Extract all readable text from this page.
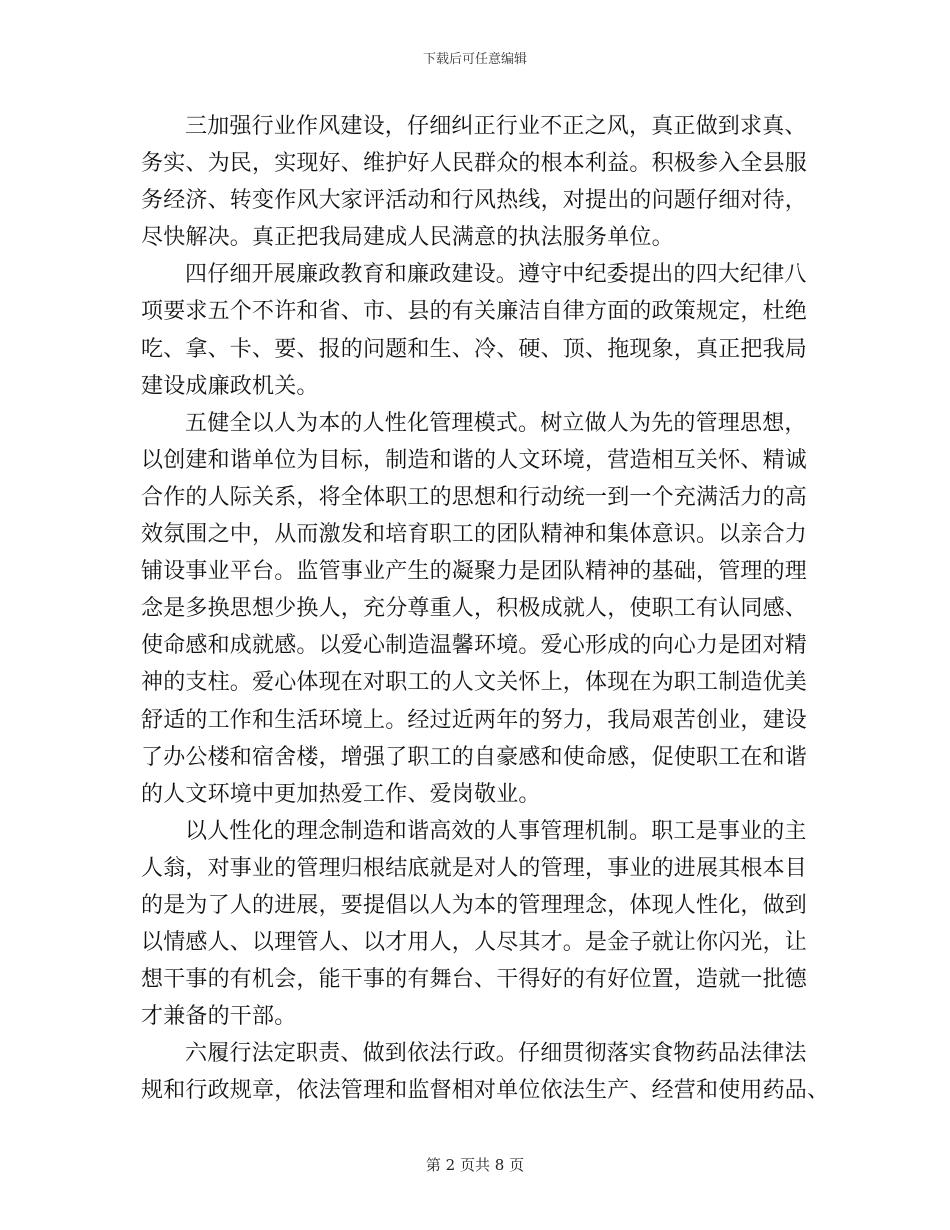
下载后可任意编辑

三加强行业作风建设，仔细纠正行业不正之风，真正做到求真、
务实、为民，实现好、维护好人民群众的根本利益。积极参入全县服
务经济、转变作风大家评活动和行风热线，对提出的问题仔细对待，
尽快解决。真正把我局建成人民满意的执法服务单位。

四仔细开展廉政教育和廉政建设。遵守中纪委提出的四大纪律八
项要求五个不许和省、市、县的有关廉洁自律方面的政策规定，杜绝
吃、拿、卡、要、报的问题和生、冷、硬、顶、拖现象，真正把我局
建设成廉政机关。

五健全以人为本的人性化管理模式。树立做人为先的管理思想，
以创建和谐单位为目标，制造和谐的人文环境，营造相互关怀、精诚
合作的人际关系，将全体职工的思想和行动统一到一个充满活力的高
效氛围之中，从而激发和培育职工的团队精神和集体意识。以亲合力
铺设事业平台。监管事业产生的凝聚力是团队精神的基础，管理的理
念是多换思想少换人，充分尊重人，积极成就人，使职工有认同感、
使命感和成就感。以爱心制造温馨环境。爱心形成的向心力是团对精
神的支柱。爱心体现在对职工的人文关怀上，体现在为职工制造优美
舒适的工作和生活环境上。经过近两年的努力，我局艰苦创业，建设
了办公楼和宿舍楼，增强了职工的自豪感和使命感，促使职工在和谐
的人文环境中更加热爱工作、爱岗敬业。

以人性化的理念制造和谐高效的人事管理机制。职工是事业的主
人翁，对事业的管理归根结底就是对人的管理，事业的进展其根本目
的是为了人的进展，要提倡以人为本的管理理念，体现人性化，做到
以情感人、以理管人、以才用人，人尽其才。是金子就让你闪光，让
想干事的有机会，能干事的有舞台、干得好的有好位置，造就一批德
才兼备的干部。

六履行法定职责、做到依法行政。仔细贯彻落实食物药品法律法
规和行政规章，依法管理和监督相对单位依法生产、经营和使用药品、

第 2 页共 8 页
